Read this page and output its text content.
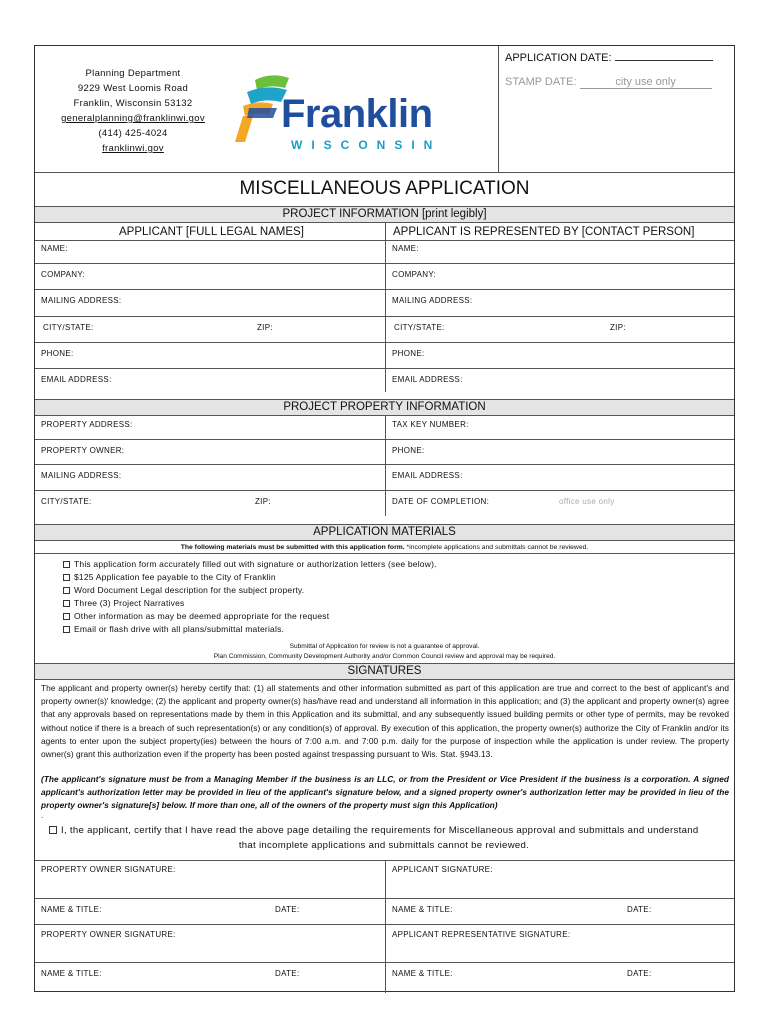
Planning Department
9229 West Loomis Road
Franklin, Wisconsin 53132
generalplanning@franklinwi.gov
(414) 425-4024
franklinwi.gov
Franklin
WISCONSIN
APPLICATION DATE:
STAMP DATE:	city use only
MISCELLANEOUS APPLICATION
PROJECT INFORMATION [print legibly]
APPLICANT [FULL LEGAL NAMES]	APPLICANT IS REPRESENTED BY [CONTACT PERSON]
NAME:	NAME:
COMPANY:	COMPANY:
MAILING ADDRESS:	MAILING ADDRESS:
CITY/STATE:	ZIP:	CITY/STATE:	ZIP:
PHONE:	PHONE:
EMAIL ADDRESS:	EMAIL ADDRESS:
PROJECT PROPERTY INFORMATION
PROPERTY ADDRESS:	TAX KEY NUMBER:
PROPERTY OWNER:	PHONE:
MAILING ADDRESS:	EMAIL ADDRESS:
CITY/STATE:	ZIP:	DATE OF COMPLETION:	office use only
APPLICATION MATERIALS
The following materials must be submitted with this application form. *incomplete applications and submittals cannot be reviewed.
This application form accurately filled out with signature or authorization letters (see below).
$125 Application fee payable to the City of Franklin
Word Document Legal description for the subject property.
Three (3) Project Narratives
Other information as may be deemed appropriate for the request
Email or flash drive with all plans/submittal materials.
Submittal of Application for review is not a guarantee of approval.
Plan Commission, Community Development Authority and/or Common Council review and approval may be required.
SIGNATURES
The applicant and property owner(s) hereby certify that: (1) all statements and other information submitted as part of this application are true and correct to the best of applicant's and property owner(s)' knowledge; (2) the applicant and property owner(s) has/have read and understand all information in this application; and (3) the applicant and property owner(s) agree that any approvals based on representations made by them in this Application and its submittal, and any subsequently issued building permits or other type of permits, may be revoked without notice if there is a breach of such representation(s) or any condition(s) of approval. By execution of this application, the property owner(s) authorize the City of Franklin and/or its agents to enter upon the subject property(ies) between the hours of 7:00 a.m. and 7:00 p.m. daily for the purpose of inspection while the application is under review. The property owner(s) grant this authorization even if the property has been posted against trespassing pursuant to Wis. Stat. §943.13.
(The applicant's signature must be from a Managing Member if the business is an LLC, or from the President or Vice President if the business is a corporation. A signed applicant's authorization letter may be provided in lieu of the applicant's signature below, and a signed property owner's authorization letter may be provided in lieu of the property owner's signature[s] below. If more than one, all of the owners of the property must sign this Application)
.
I, the applicant, certify that I have read the above page detailing the requirements for Miscellaneous approval and submittals and understand
that incomplete applications and submittals cannot be reviewed.
PROPERTY OWNER SIGNATURE:	APPLICANT SIGNATURE:
NAME & TITLE:	DATE:	NAME & TITLE:	DATE:
PROPERTY OWNER SIGNATURE:	APPLICANT REPRESENTATIVE SIGNATURE:
NAME & TITLE:	DATE:	NAME & TITLE:	DATE:
